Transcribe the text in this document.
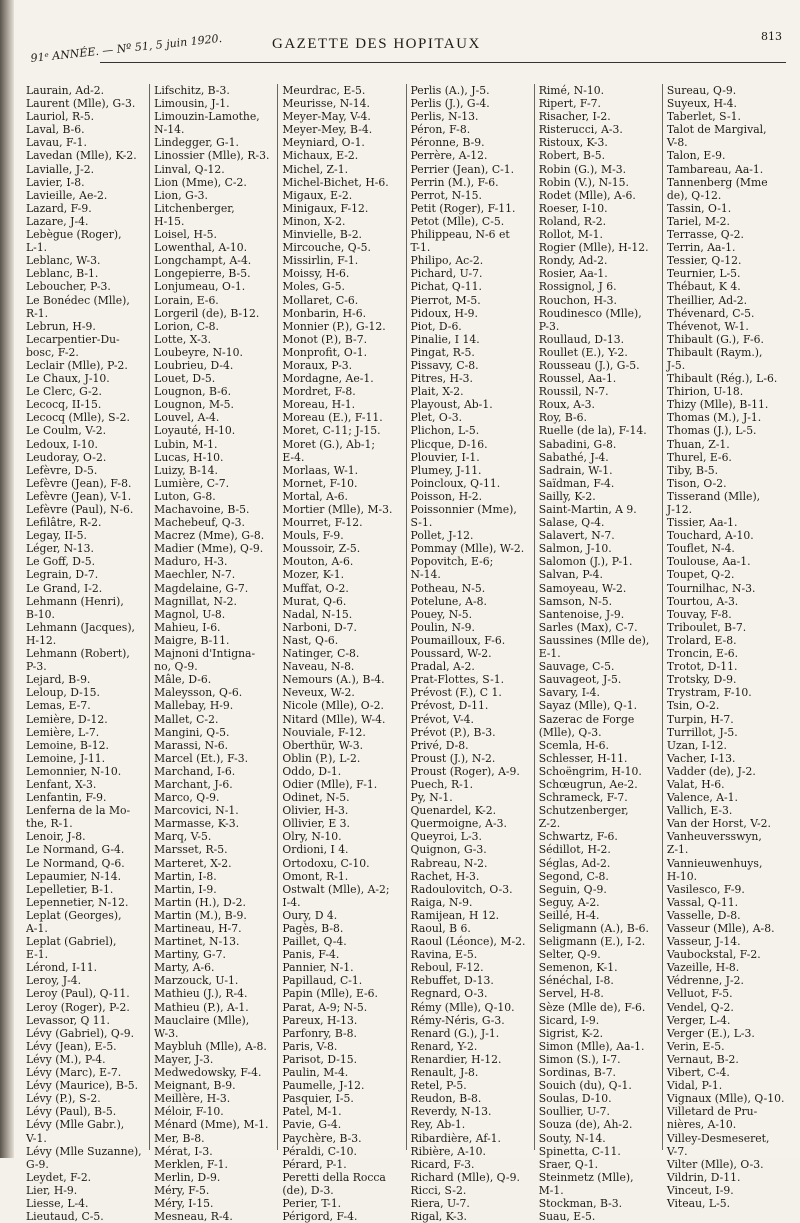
91ᵉ ANNÉE. — Nº 51, 5 juin 1920.	GAZETTE DES HOPITAUX	813
Laurain, Ad-2.
Laurent (Mlle), G-3.
Lauriol, R-5.
Laval, B-6.
Lavau, F-1.
Lavedan (Mlle), K-2.
Lavialle, J-2.
Lavier, I-8.
Lavieille, Ae-2.
Lazard, F-9.
Lazare, J-4.
Lebègue (Roger),
L-1.
Leblanc, W-3.
Leblanc, B-1.
Leboucher, P-3.
Le Bonédec (Mlle),
R-1.
Lebrun, H-9.
Lecarpentier-Du-
bosc, F-2.
Leclair (Mlle), P-2.
Le Chaux, J-10.
Le Clerc, G-2.
Lecocq, II-15.
Lecocq (Mlle), S-2.
Le Coulm, V-2.
Ledoux, I-10.
Leudoray, O-2.
Lefèvre, D-5.
Lefèvre (Jean), F-8.
Lefèvre (Jean), V-1.
Lefèvre (Paul), N-6.
Lefilâtre, R-2.
Legay, II-5.
Léger, N-13.
Le Goff, D-5.
Legrain, D-7.
Le Grand, I-2.
Lehmann (Henri),
B-10.
Lehmann (Jacques),
H-12.
Lehmann (Robert),
P-3.
Lejard, B-9.
Leloup, D-15.
Lemas, E-7.
Lemière, D-12.
Lemière, L-7.
Lemoine, B-12.
Lemoine, J-11.
Lemonnier, N-10.
Lenfant, X-3.
Lenfantin, F-9.
Lenferna de la Mo-
the, R-1.
Lenoir, J-8.
Le Normand, G-4.
Le Normand, Q-6.
Lepaumier, N-14.
Lepelletier, B-1.
Lepennetier, N-12.
Leplat (Georges),
A-1.
Leplat (Gabriel),
E-1.
Lérond, I-11.
Leroy, J-4.
Leroy (Paul), Q-11.
Leroy (Roger), P-2.
Levassor, Q 11.
Lévy (Gabriel), Q-9.
Lévy (Jean), E-5.
Lévy (M.), P-4.
Lévy (Marc), E-7.
Lévy (Maurice), B-5.
Lévy (P.), S-2.
Lévy (Paul), B-5.
Lévy (Mlle Gabr.),
V-1.
Lévy (Mlle Suzanne),
G-9.
Leydet, F-2.
Lier, H-9.
Liesse, L-4.
Lieutaud, C-5.
Lifschitz, B-3.
Limousin, J-1.
Limouzin-Lamothe,
N-14.
Lindegger, G-1.
Linossier (Mlle), R-3.
Linval, Q-12.
Lion (Mme), C-2.
Lion, G-3.
Litchenberger,
H-15.
Loisel, H-5.
Lowenthal, A-10.
Longchampt, A-4.
Longepierre, B-5.
Lonjumeau, O-1.
Lorain, E-6.
Lorgeril (de), B-12.
Lorion, C-8.
Lotte, X-3.
Loubeyre, N-10.
Loubrieu, D-4.
Louet, D-5.
Lougnon, B-6.
Lougnon, M-5.
Louvel, A-4.
Loyauté, H-10.
Lubin, M-1.
Lucas, H-10.
Luizy, B-14.
Lumière, C-7.
Luton, G-8.
Machavoine, B-5.
Machebeuf, Q-3.
Macrez (Mme), G-8.
Madier (Mme), Q-9.
Maduro, H-3.
Maechler, N-7.
Magdelaine, G-7.
Magnillat, N-2.
Magnol, U-8.
Mahieu, I-6.
Maigre, B-11.
Majnoni d'Intigna-
no, Q-9.
Mâle, D-6.
Maleysson, Q-6.
Mallebay, H-9.
Mallet, C-2.
Mangini, Q-5.
Marassi, N-6.
Marcel (Et.), F-3.
Marchand, I-6.
Marchant, J-6.
Marco, Q-9.
Marcovici, N-1.
Marmasse, K-3.
Marq, V-5.
Marsset, R-5.
Marteret, X-2.
Martin, I-8.
Martin, I-9.
Martin (H.), D-2.
Martin (M.), B-9.
Martineau, H-7.
Martinet, N-13.
Martiny, G-7.
Marty, A-6.
Marzouck, U-1.
Mathieu (J.), R-4.
Mathieu (P.), A-1.
Mauclaire (Mlle),
W-3.
Maybluh (Mlle), A-8.
Mayer, J-3.
Medwedowsky, F-4.
Meignant, B-9.
Meillère, H-3.
Méloir, F-10.
Ménard (Mme), M-1.
Mer, B-8.
Mérat, I-3.
Merklen, F-1.
Merlin, D-9.
Méry, F-5.
Méry, I-15.
Mesneau, R-4.
Meurdrac, E-5.
Meurisse, N-14.
Meyer-May, V-4.
Meyer-Mey, B-4.
Meyniard, O-1.
Michaux, E-2.
Michel, Z-1.
Michel-Bichet, H-6.
Migaux, E-2.
Minigaux, F-12.
Minon, X-2.
Minvielle, B-2.
Mircouche, Q-5.
Missirlin, F-1.
Moissy, H-6.
Moles, G-5.
Mollaret, C-6.
Monbarin, H-6.
Monnier (P.), G-12.
Monot (P.), B-7.
Monprofit, O-1.
Moraux, P-3.
Mordagne, Ae-1.
Mordret, F-8.
Moreau, H-1.
Moreau (E.), F-11.
Moret, C-11; J-15.
Moret (G.), Ab-1;
E-4.
Morlaas, W-1.
Mornet, F-10.
Mortal, A-6.
Mortier (Mlle), M-3.
Mourret, F-12.
Mouls, F-9.
Moussoir, Z-5.
Mouton, A-6.
Mozer, K-1.
Muffat, O-2.
Murat, Q-6.
Nadal, N-15.
Narboni, D-7.
Nast, Q-6.
Natinger, C-8.
Naveau, N-8.
Nemours (A.), B-4.
Neveux, W-2.
Nicole (Mlle), O-2.
Nitard (Mlle), W-4.
Nouviale, F-12.
Oberthür, W-3.
Oblin (P.), L-2.
Oddo, D-1.
Odier (Mlle), F-1.
Odinet, N-5.
Olivier, H-3.
Ollivier, E 3.
Olry, N-10.
Ordioni, I 4.
Ortodoxu, C-10.
Omont, R-1.
Ostwalt (Mlle), A-2;
I-4.
Oury, D 4.
Pagès, B-8.
Paillet, Q-4.
Panis, F-4.
Pannier, N-1.
Papillaud, C-1.
Papin (Mlle), E-6.
Parat, A-9; N-5.
Pareux, H-13.
Parfonry, B-8.
Paris, V-8.
Parisot, D-15.
Paulin, M-4.
Paumelle, J-12.
Pasquier, I-5.
Patel, M-1.
Pavie, G-4.
Paychère, B-3.
Péraldi, C-10.
Pérard, P-1.
Peretti della Rocca
(de), D-3.
Perier, T-1.
Périgord, F-4.
Perlis (A.), J-5.
Perlis (J.), G-4.
Perlis, N-13.
Péron, F-8.
Péronne, B-9.
Perrère, A-12.
Perrier (Jean), C-1.
Perrin (M.), F-6.
Perrot, N-15.
Petit (Roger), F-11.
Petot (Mlle), C-5.
Philippeau, N-6 et
T-1.
Philipo, Ac-2.
Pichard, U-7.
Pichat, Q-11.
Pierrot, M-5.
Pidoux, H-9.
Piot, D-6.
Pinalie, I 14.
Pingat, R-5.
Pissavy, C-8.
Pitres, H-3.
Plait, X-2.
Playoust, Ab-1.
Plet, O-3.
Plichon, L-5.
Plicque, D-16.
Plouvier, I-1.
Plumey, J-11.
Poincloux, Q-11.
Poisson, H-2.
Poissonnier (Mme),
S-1.
Pollet, J-12.
Pommay (Mlle), W-2.
Popovitch, E-6;
N-14.
Potheau, N-5.
Potelune, A-8.
Pouey, N-5.
Poulin, N-9.
Poumailloux, F-6.
Poussard, W-2.
Pradal, A-2.
Prat-Flottes, S-1.
Prévost (F.), C 1.
Prévost, D-11.
Prévot, V-4.
Prévot (P.), B-3.
Privé, D-8.
Proust (J.), N-2.
Proust (Roger), A-9.
Puech, R-1.
Py, N-1.
Quenardel, K-2.
Quermoigne, A-3.
Queyroi, L-3.
Quignon, G-3.
Rabreau, N-2.
Rachet, H-3.
Radoulovitch, O-3.
Raiga, N-9.
Ramijean, H 12.
Raoul, B 6.
Raoul (Léonce), M-2.
Ravina, E-5.
Reboul, F-12.
Rebuffet, D-13.
Regnard, O-3.
Rémy (Mlle), Q-10.
Rémy-Néris, G-3.
Renard (G.), J-1.
Renard, Y-2.
Renardier, H-12.
Renault, J-8.
Retel, P-5.
Reudon, B-8.
Reverdy, N-13.
Rey, Ab-1.
Ribardière, Af-1.
Ribière, A-10.
Ricard, F-3.
Richard (Mlle), Q-9.
Ricci, S-2.
Riera, U-7.
Rigal, K-3.
Rimé, N-10.
Ripert, F-7.
Risacher, I-2.
Risterucci, A-3.
Ristoux, K-3.
Robert, B-5.
Robin (G.), M-3.
Robin (V.), N-15.
Rodet (Mlle), A-6.
Roeser, I-10.
Roland, R-2.
Rollot, M-1.
Rogier (Mlle), H-12.
Rondy, Ad-2.
Rosier, Aa-1.
Rossignol, J 6.
Rouchon, H-3.
Roudinesco (Mlle),
P-3.
Roullaud, D-13.
Roullet (E.), Y-2.
Rousseau (J.), G-5.
Roussel, Aa-1.
Roussil, N-7.
Roux, A-3.
Roy, B-6.
Ruelle (de la), F-14.
Sabadini, G-8.
Sabathé, J-4.
Sadrain, W-1.
Saïdman, F-4.
Sailly, K-2.
Saint-Martin, A 9.
Salase, Q-4.
Salavert, N-7.
Salmon, J-10.
Salomon (J.), P-1.
Salvan, P-4.
Samoyeau, W-2.
Samson, N-5.
Santenoise, J-9.
Sarles (Max), C-7.
Saussines (Mlle de),
E-1.
Sauvage, C-5.
Sauvageot, J-5.
Savary, I-4.
Sayaz (Mlle), Q-1.
Sazerac de Forge
(Mlle), Q-3.
Scemla, H-6.
Schlesser, H-11.
Schoëngrim, H-10.
Schœugrun, Ae-2.
Schrameck, F-7.
Schutzenberger,
Z-2.
Schwartz, F-6.
Sédillot, H-2.
Séglas, Ad-2.
Segond, C-8.
Seguin, Q-9.
Seguy, A-2.
Seillé, H-4.
Seligmann (A.), B-6.
Seligmann (E.), I-2.
Selter, Q-9.
Semenon, K-1.
Sénéchal, I-8.
Servel, H-8.
Sèze (Mlle de), F-6.
Sicard, I-9.
Sigrist, K-2.
Simon (Mlle), Aa-1.
Simon (S.), I-7.
Sordinas, B-7.
Souich (du), Q-1.
Soulas, D-10.
Soullier, U-7.
Souza (de), Ah-2.
Souty, N-14.
Spinetta, C-11.
Sraer, Q-1.
Steinmetz (Mlle),
M-1.
Stockman, B-3.
Suau, E-5.
Sureau, Q-9.
Suyeux, H-4.
Taberlet, S-1.
Talot de Margival,
V-8.
Talon, E-9.
Tambareau, Aa-1.
Tannenberg (Mme
de), Q-12.
Tassin, O-1.
Tariel, M-2.
Terrasse, Q-2.
Terrin, Aa-1.
Tessier, Q-12.
Teurnier, L-5.
Thébaut, K 4.
Theillier, Ad-2.
Thévenard, C-5.
Thévenot, W-1.
Thibault (G.), F-6.
Thibault (Raym.),
J-5.
Thibault (Rég.), L-6.
Thirion, U-18.
Thizy (Mlle), B-11.
Thomas (M.), J-1.
Thomas (J.), L-5.
Thuan, Z-1.
Thurel, E-6.
Tiby, B-5.
Tison, O-2.
Tisserand (Mlle),
J-12.
Tissier, Aa-1.
Touchard, A-10.
Touflet, N-4.
Toulouse, Aa-1.
Toupet, Q-2.
Tournilhac, N-3.
Tourtou, A-3.
Touvay, F-8.
Triboulet, B-7.
Trolard, E-8.
Troncin, E-6.
Trotot, D-11.
Trotsky, D-9.
Trystram, F-10.
Tsin, O-2.
Turpin, H-7.
Turrillot, J-5.
Uzan, I-12.
Vacher, I-13.
Vadder (de), J-2.
Valat, H-6.
Valence, A-1.
Vallich, E-3.
Van der Horst, V-2.
Vanheuversswyn,
Z-1.
Vannieuwenhuys,
H-10.
Vasilesco, F-9.
Vassal, Q-11.
Vasselle, D-8.
Vasseur (Mlle), A-8.
Vasseur, J-14.
Vaubockstal, F-2.
Vazeille, H-8.
Védrenne, J-2.
Velluot, F-5.
Vendel, Q-2.
Verger, L-4.
Verger (E.), L-3.
Verin, E-5.
Vernaut, B-2.
Vibert, C-4.
Vidal, P-1.
Vignaux (Mlle), Q-10.
Villetard de Pru-
nières, A-10.
Villey-Desmeseret,
V-7.
Vilter (Mlle), O-3.
Vildrin, D-11.
Vinceut, I-9.
Viteau, L-5.
